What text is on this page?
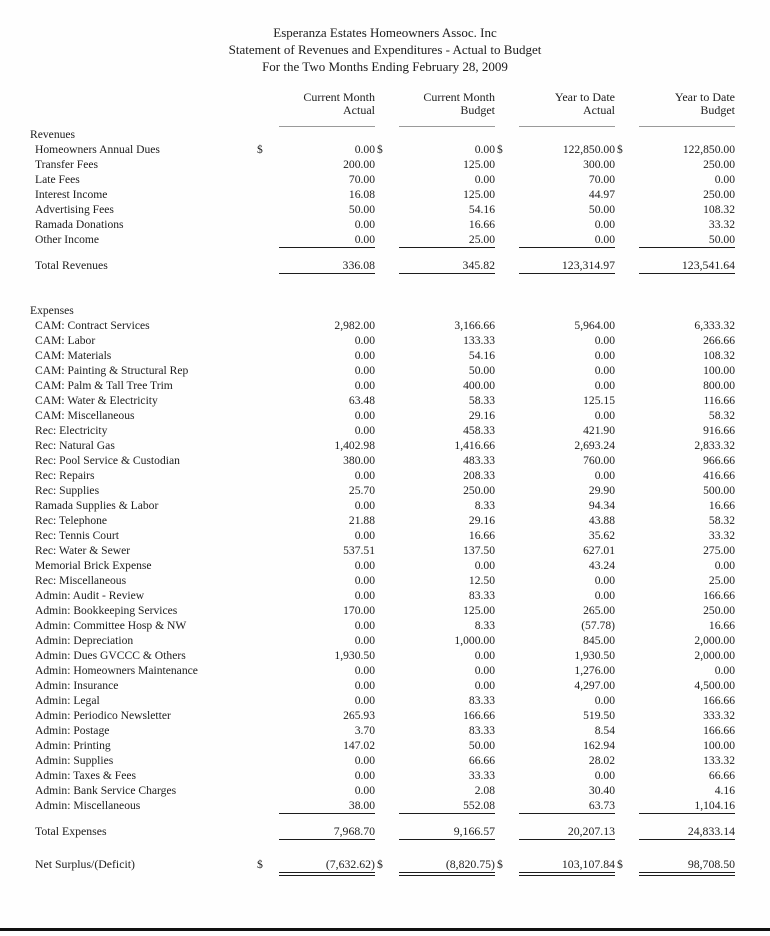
Esperanza Estates Homeowners Assoc. Inc
Statement of Revenues and Expenditures - Actual to Budget
For the Two Months Ending February 28, 2009
Current Month
Actual
Current Month
Budget
Year to Date
Actual
Year to Date
Budget
Revenues
Homeowners Annual Dues	$	0.00 $	0.00 $	122,850.00 $	122,850.00
Transfer Fees	200.00	125.00	300.00	250.00
Late Fees	70.00	0.00	70.00	0.00
Interest Income	16.08	125.00	44.97	250.00
Advertising Fees	50.00	54.16	50.00	108.32
Ramada Donations	0.00	16.66	0.00	33.32
Other Income	0.00	25.00	0.00	50.00
Total Revenues	336.08	345.82	123,314.97	123,541.64
Expenses
CAM: Contract Services	2,982.00	3,166.66	5,964.00	6,333.32
CAM: Labor	0.00	133.33	0.00	266.66
CAM: Materials	0.00	54.16	0.00	108.32
CAM: Painting & Structural Rep	0.00	50.00	0.00	100.00
CAM: Palm & Tall Tree Trim	0.00	400.00	0.00	800.00
CAM: Water & Electricity	63.48	58.33	125.15	116.66
CAM: Miscellaneous	0.00	29.16	0.00	58.32
Rec: Electricity	0.00	458.33	421.90	916.66
Rec: Natural Gas	1,402.98	1,416.66	2,693.24	2,833.32
Rec: Pool Service & Custodian	380.00	483.33	760.00	966.66
Rec: Repairs	0.00	208.33	0.00	416.66
Rec: Supplies	25.70	250.00	29.90	500.00
Ramada Supplies & Labor	0.00	8.33	94.34	16.66
Rec: Telephone	21.88	29.16	43.88	58.32
Rec: Tennis Court	0.00	16.66	35.62	33.32
Rec: Water & Sewer	537.51	137.50	627.01	275.00
Memorial Brick Expense	0.00	0.00	43.24	0.00
Rec: Miscellaneous	0.00	12.50	0.00	25.00
Admin: Audit - Review	0.00	83.33	0.00	166.66
Admin: Bookkeeping Services	170.00	125.00	265.00	250.00
Admin: Committee Hosp & NW	0.00	8.33	(57.78)	16.66
Admin: Depreciation	0.00	1,000.00	845.00	2,000.00
Admin: Dues GVCCC & Others	1,930.50	0.00	1,930.50	2,000.00
Admin: Homeowners Maintenance	0.00	0.00	1,276.00	0.00
Admin: Insurance	0.00	0.00	4,297.00	4,500.00
Admin: Legal	0.00	83.33	0.00	166.66
Admin: Periodico Newsletter	265.93	166.66	519.50	333.32
Admin: Postage	3.70	83.33	8.54	166.66
Admin: Printing	147.02	50.00	162.94	100.00
Admin: Supplies	0.00	66.66	28.02	133.32
Admin: Taxes & Fees	0.00	33.33	0.00	66.66
Admin: Bank Service Charges	0.00	2.08	30.40	4.16
Admin: Miscellaneous	38.00	552.08	63.73	1,104.16
Total Expenses	7,968.70	9,166.57	20,207.13	24,833.14
Net Surplus/(Deficit)	$	(7,632.62) $	(8,820.75) $	103,107.84 $	98,708.50
